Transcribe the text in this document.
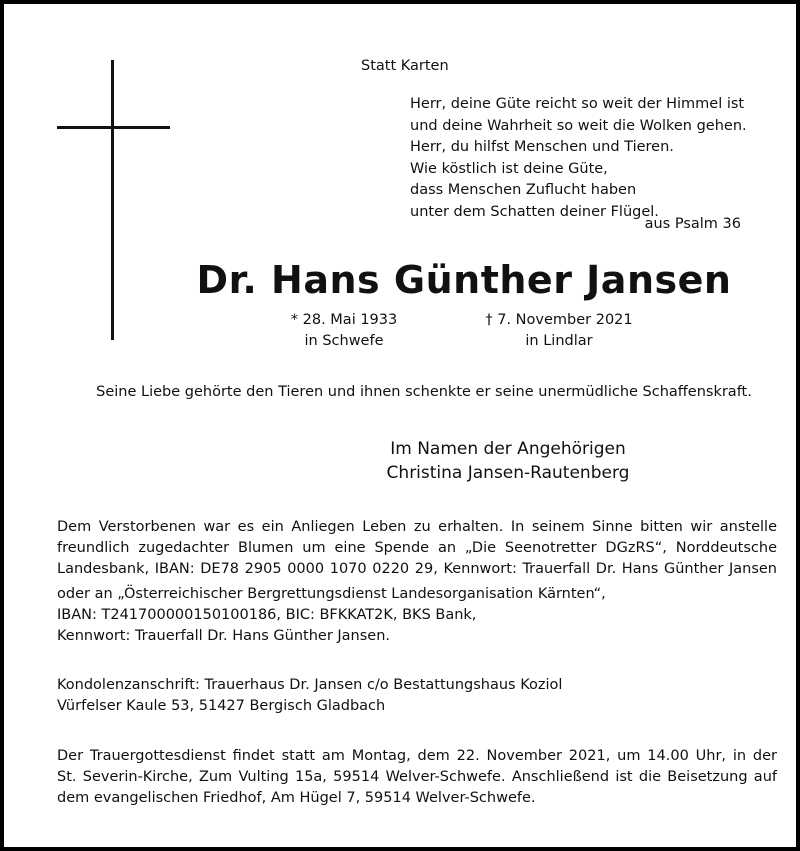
Statt Karten
Herr, deine Güte reicht so weit der Himmel ist
und deine Wahrheit so weit die Wolken gehen.
Herr, du hilfst Menschen und Tieren.
Wie köstlich ist deine Güte,
dass Menschen Zuflucht haben
unter dem Schatten deiner Flügel.
aus Psalm 36
Dr. Hans Günther Jansen
* 28. Mai 1933
in Schwefe
† 7. November 2021
in Lindlar
Seine Liebe gehörte den Tieren und ihnen schenkte er seine unermüdliche Schaffenskraft.
Im Namen der Angehörigen
Christina Jansen-Rautenberg
Dem Verstorbenen war es ein Anliegen Leben zu erhalten. In seinem Sinne bitten wir anstelle
freundlich zugedachter Blumen um eine Spende an „Die Seenotretter DGzRS“, Norddeutsche
Landesbank, IBAN: DE78 2905 0000 1070 0220 29, Kennwort: Trauerfall Dr. Hans Günther Jansen
oder an „Österreichischer Bergrettungsdienst Landesorganisation Kärnten“,
IBAN: T241700000150100186, BIC: BFKKAT2K, BKS Bank,
Kennwort: Trauerfall Dr. Hans Günther Jansen.
Kondolenzanschrift: Trauerhaus Dr. Jansen c/o Bestattungshaus Koziol
Vürfelser Kaule 53, 51427 Bergisch Gladbach
Der Trauergottesdienst findet statt am Montag, dem 22. November 2021, um 14.00 Uhr, in der
St. Severin-Kirche, Zum Vulting 15a, 59514 Welver-Schwefe. Anschließend ist die Beisetzung auf
dem evangelischen Friedhof, Am Hügel 7, 59514 Welver-Schwefe.
